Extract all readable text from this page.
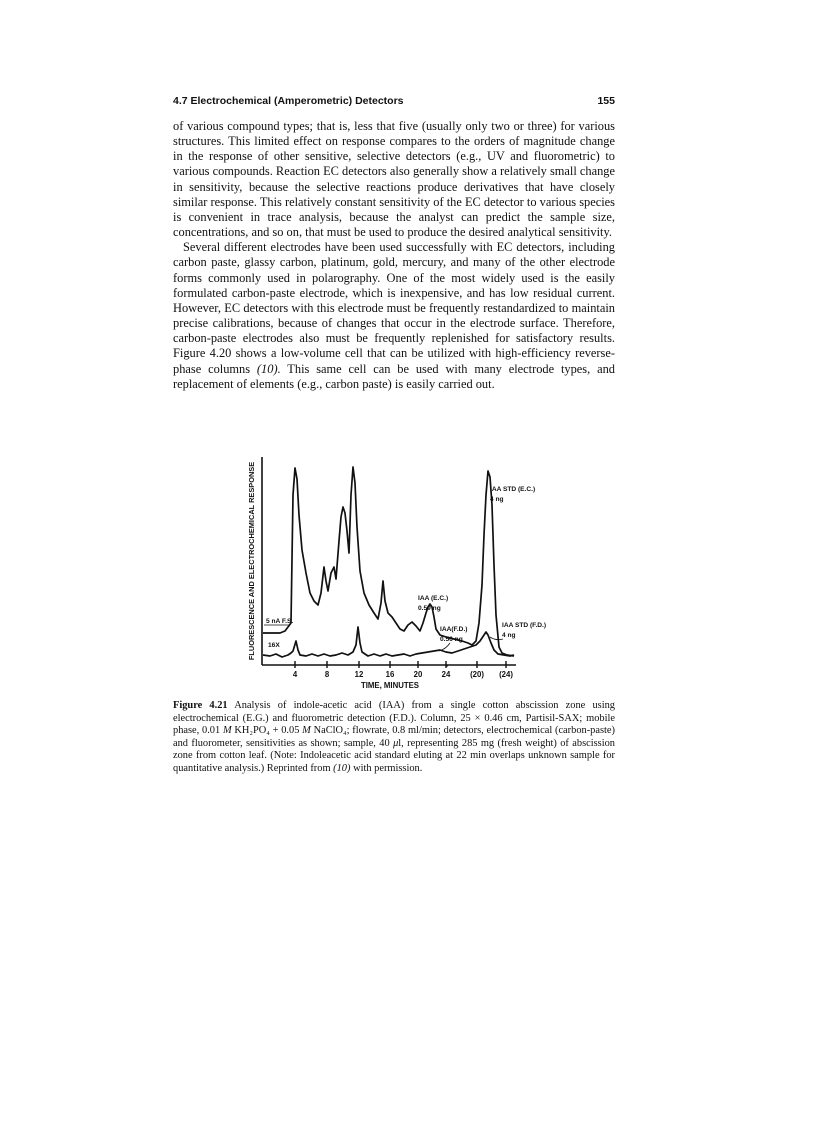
4.7 Electrochemical (Amperometric) Detectors	155

of various compound types; that is, less that five (usually only two or three) for various structures. This limited effect on response compares to the orders of magnitude change in the response of other sensitive, selective detectors (e.g., UV and fluorometric) to various compounds. Reaction EC detectors also generally show a relatively small change in sensitivity, because the selective reactions produce derivatives that have closely similar response. This relatively constant sensitivity of the EC detector to various species is convenient in trace analysis, because the analyst can predict the sample size, concentrations, and so on, that must be used to produce the desired analytical sensitivity.

Several different electrodes have been used successfully with EC detectors, including carbon paste, glassy carbon, platinum, gold, mercury, and many of the other electrode forms commonly used in polarography. One of the most widely used is the easily formulated carbon-paste electrode, which is inexpensive, and has low residual current. However, EC detectors with this electrode must be frequently restandardized to maintain precise calibrations, because of changes that occur in the electrode surface. Therefore, carbon-paste electrodes also must be frequently replenished for satisfactory results. Figure 4.20 shows a low-volume cell that can be utilized with high-efficiency reverse-phase columns (10). This same cell can be used with many electrode types, and replacement of elements (e.g., carbon paste) is easily carried out.

FLUORESCENCE AND ELECTROCHEMICAL RESPONSE
4	8	12	16 20 24	(20) (24)
*
TIME, MINUTES
5 nA F.S.
16X
IAA (E.C.)
0.59 ng
IAA(F.D.)
0.56 ng
IAA STD (E.C.)
4 ng
IAA STD (F.D.)
4 ng
Figure 4.21 Analysis of indole-acetic acid (IAA) from a single cotton abscission zone using electrochemical (E.G.) and fluorometric detection (F.D.). Column, 25 × 0.46 cm, Partisil-SAX; mobile phase, 0.01 M KH₂PO₄ + 0.05 M NaClO₄; flowrate, 0.8 ml/min; detectors, electrochemical (carbon-paste) and fluorometer, sensitivities as shown; sample, 40 μl, representing 285 mg (fresh weight) of abscission zone from cotton leaf. (Note: Indoleacetic acid standard eluting at 22 min overlaps unknown sample for quantitative analysis.) Reprinted from (10) with permission.
